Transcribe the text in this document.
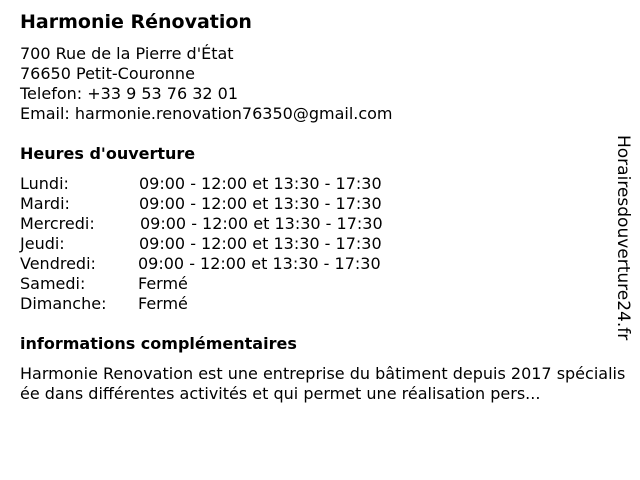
Harmonie Rénovation
700 Rue de la Pierre d'État
76650 Petit-Couronne
Telefon: +33 9 53 76 32 01
Email: harmonie.renovation76350@gmail.com
Heures d'ouverture
Lundi:	09:00 - 12:00 et 13:30 - 17:30
Mardi:	09:00 - 12:00 et 13:30 - 17:30
Mercredi:	09:00 - 12:00 et 13:30 - 17:30
Jeudi:	09:00 - 12:00 et 13:30 - 17:30
Vendredi:	09:00 - 12:00 et 13:30 - 17:30
Samedi:	Fermé
Dimanche: Fermé
informations complémentaires
Harmonie Renovation est une entreprise du bâtiment depuis 2017 spécialisée dans différentes activités et qui permet une réalisation pers...
Horairesdouverture24.fr
